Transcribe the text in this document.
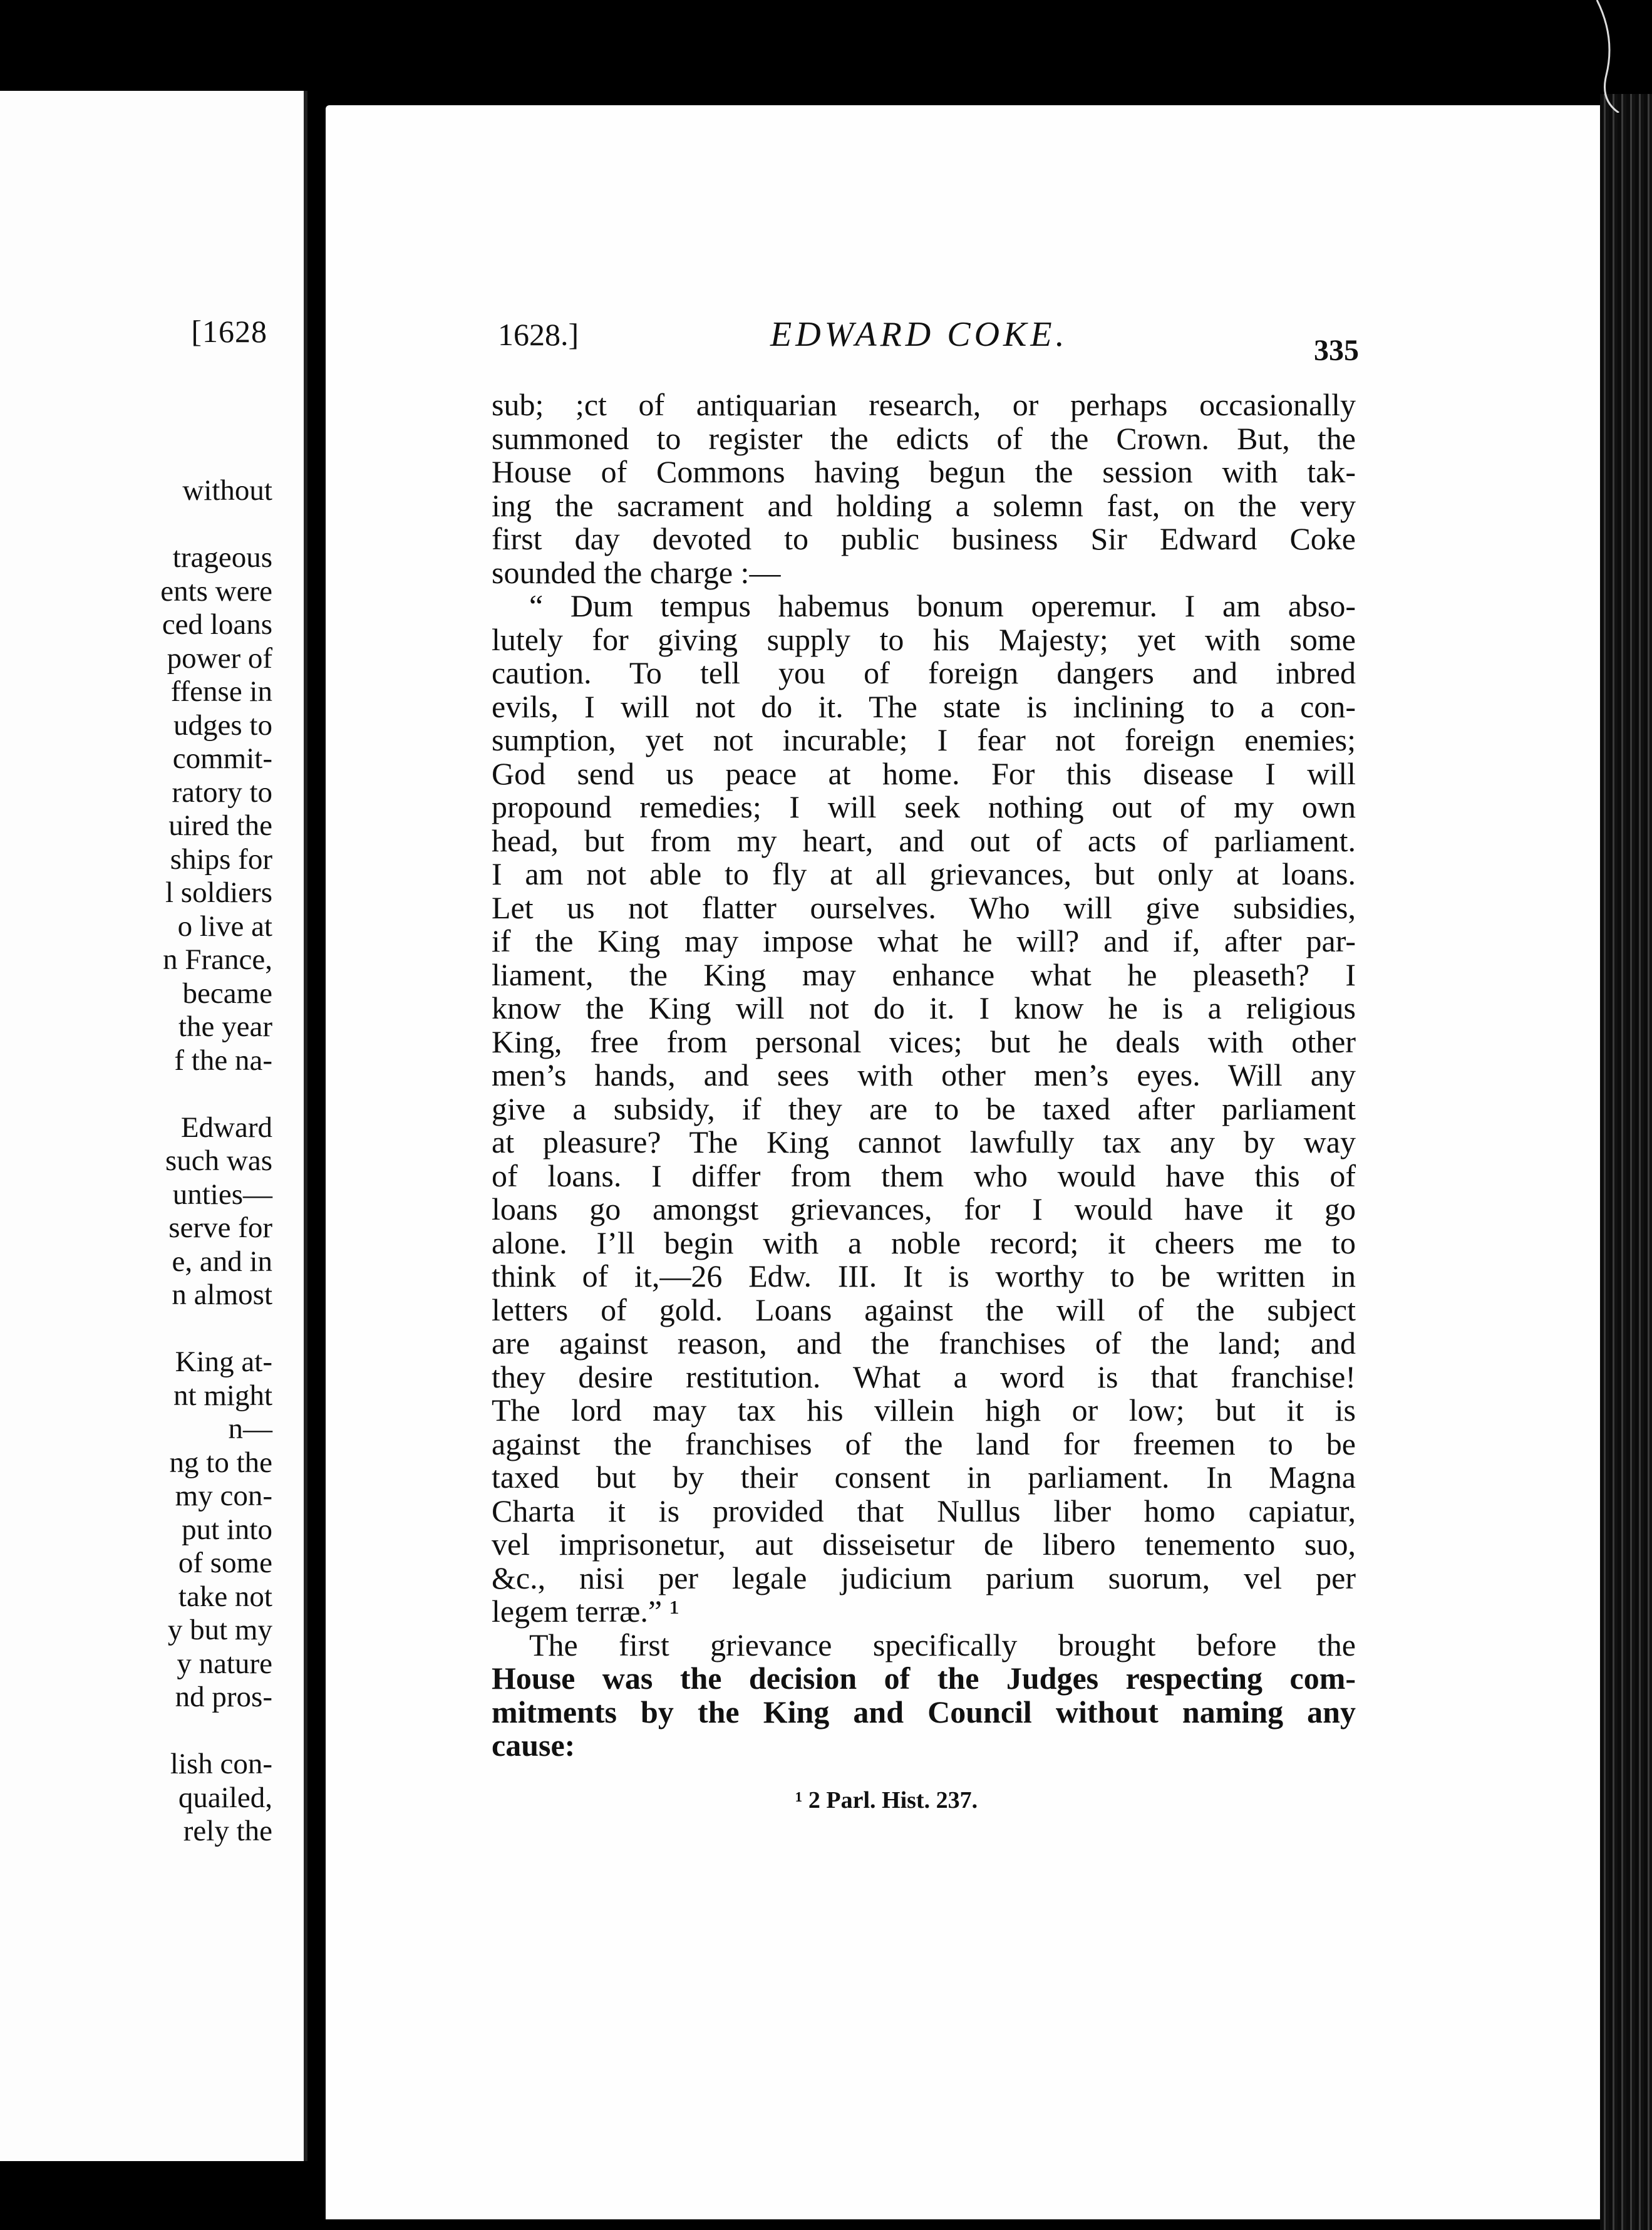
[1628
without
trageous
ents were
ced loans
power of
ffense in
udges to
commit-
ratory to
uired the
ships for
l soldiers
o live at
n France,
became
the year
f the na-
Edward
such was
unties—
serve for
e, and in
n almost
King at-
nt might
n—
ng to the
my con-
put into
of some
take not
y but my
y nature
nd pros-
lish con-
quailed,
rely the
1628.]	EDWARD COKE.	335
sub; ;ct of antiquarian research, or perhaps occasionally
summoned to register the edicts of the Crown. But, the
House of Commons having begun the session with tak-
ing the sacrament and holding a solemn fast, on the very
first day devoted to public business Sir Edward Coke
sounded the charge :—
“ Dum tempus habemus bonum operemur. I am abso-
lutely for giving supply to his Majesty; yet with some
caution. To tell you of foreign dangers and inbred
evils, I will not do it. The state is inclining to a con-
sumption, yet not incurable; I fear not foreign enemies;
God send us peace at home. For this disease I will
propound remedies; I will seek nothing out of my own
head, but from my heart, and out of acts of parliament.
I am not able to fly at all grievances, but only at loans.
Let us not flatter ourselves. Who will give subsidies,
if the King may impose what he will? and if, after par-
liament, the King may enhance what he pleaseth? I
know the King will not do it. I know he is a religious
King, free from personal vices; but he deals with other
men’s hands, and sees with other men’s eyes. Will any
give a subsidy, if they are to be taxed after parliament
at pleasure? The King cannot lawfully tax any by way
of loans. I differ from them who would have this of
loans go amongst grievances, for I would have it go
alone. I’ll begin with a noble record; it cheers me to
think of it,—26 Edw. III. It is worthy to be written in
letters of gold. Loans against the will of the subject
are against reason, and the franchises of the land; and
they desire restitution. What a word is that franchise!
The lord may tax his villein high or low; but it is
against the franchises of the land for freemen to be
taxed but by their consent in parliament. In Magna
Charta it is provided that Nullus liber homo capiatur,
vel imprisonetur, aut disseisetur de libero tenemento suo,
&c., nisi per legale judicium parium suorum, vel per
legem terræ.” ¹
The first grievance specifically brought before the
House was the decision of the Judges respecting com-
mitments by the King and Council without naming any
cause:
¹ 2 Parl. Hist. 237.
